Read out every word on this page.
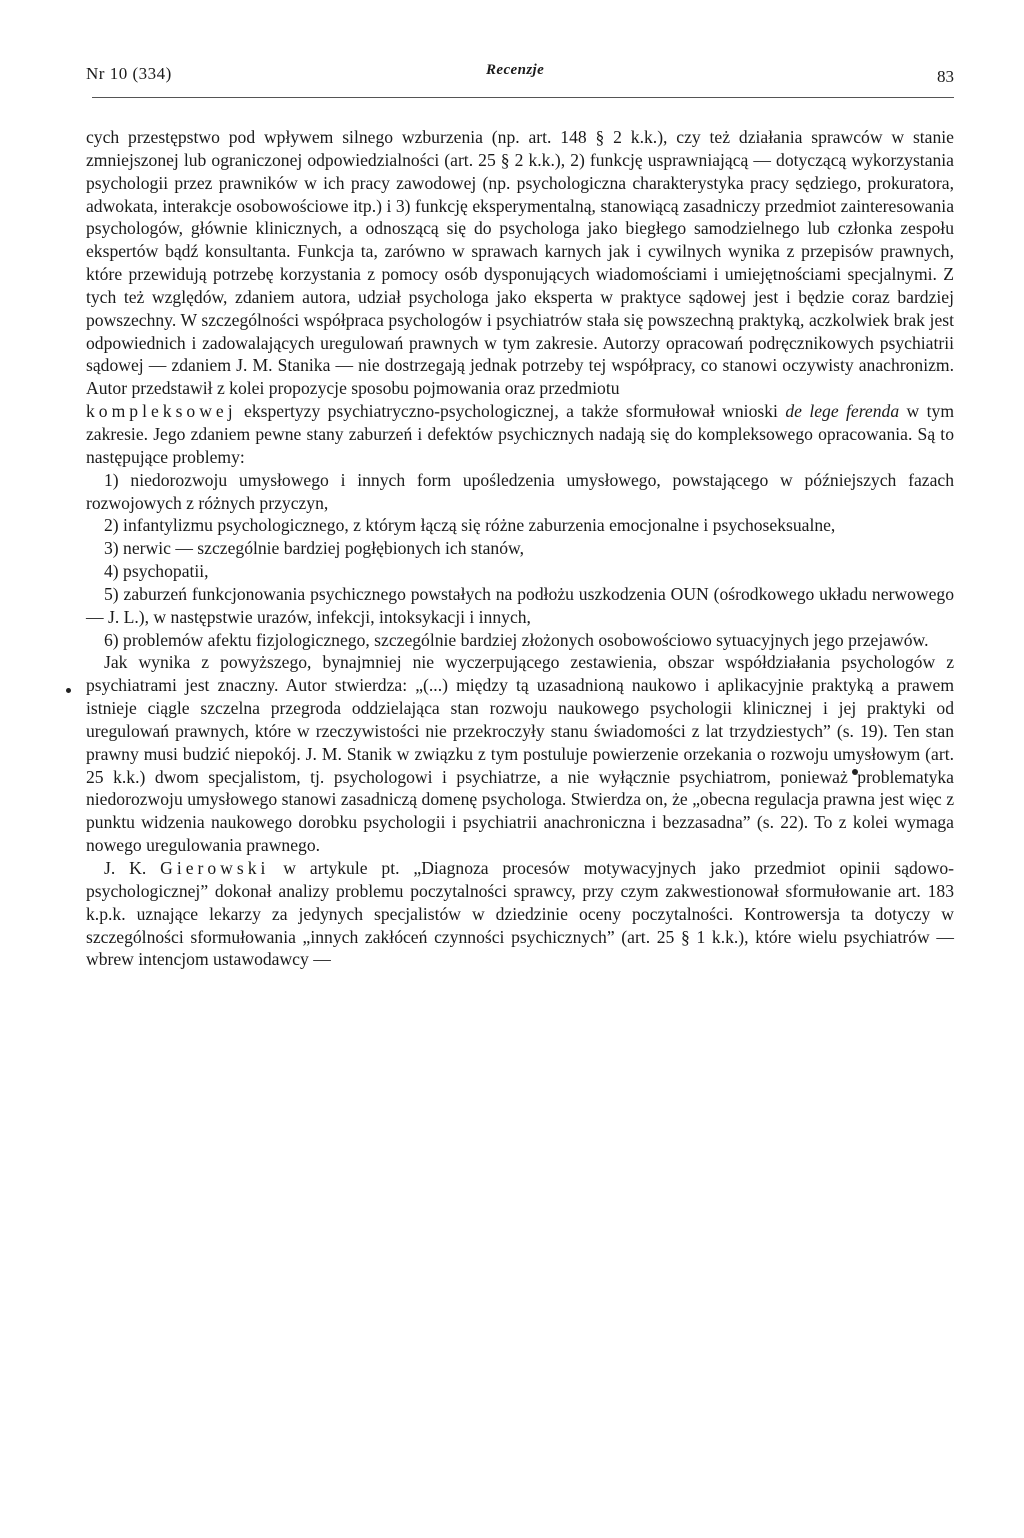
Nr 10 (334)	Recenzje	83

cych przestępstwo pod wpływem silnego wzburzenia (np. art. 148 § 2 k.k.), czy też działania sprawców w stanie zmniejszonej lub ograniczonej odpowiedzialności (art. 25 § 2 k.k.), 2) funkcję usprawniającą — dotyczącą wykorzystania psychologii przez prawników w ich pracy zawodowej (np. psychologiczna charakterystyka pracy sędziego, prokuratora, adwokata, interakcje osobowościowe itp.) i 3) funkcję eksperymentalną, stanowiącą zasadniczy przedmiot zainteresowania psychologów, głównie klinicznych, a odnoszącą się do psychologa jako biegłego samodzielnego lub członka zespołu ekspertów bądź konsultanta. Funkcja ta, zarówno w sprawach karnych jak i cywilnych wynika z przepisów prawnych, które przewidują potrzebę korzystania z pomocy osób dysponujących wiadomościami i umiejętnościami specjalnymi. Z tych też względów, zdaniem autora, udział psychologa jako eksperta w praktyce sądowej jest i będzie coraz bardziej powszechny. W szczególności współpraca psychologów i psychiatrów stała się powszechną praktyką, aczkolwiek brak jest odpowiednich i zadowalających uregulowań prawnych w tym zakresie. Autorzy opracowań podręcznikowych psychiatrii sądowej — zdaniem J. M. Stanika — nie dostrzegają jednak potrzeby tej współpracy, co stanowi oczywisty anachronizm. Autor przedstawił z kolei propozycje sposobu pojmowania oraz przedmiotu

kompleksowej ekspertyzy psychiatryczno-psychologicznej, a także sformułował wnioski de lege ferenda w tym zakresie. Jego zdaniem pewne stany zaburzeń i defektów psychicznych nadają się do kompleksowego opracowania. Są to następujące problemy:

1) niedorozwoju umysłowego i innych form upośledzenia umysłowego, powstającego w późniejszych fazach rozwojowych z różnych przyczyn,

2) infantylizmu psychologicznego, z którym łączą się różne zaburzenia emocjonalne i psychoseksualne,

3) nerwic — szczególnie bardziej pogłębionych ich stanów,

4) psychopatii,

5) zaburzeń funkcjonowania psychicznego powstałych na podłożu uszkodzenia OUN (ośrodkowego układu nerwowego — J. L.), w następstwie urazów, infekcji, intoksykacji i innych,

6) problemów afektu fizjologicznego, szczególnie bardziej złożonych osobowościowo sytuacyjnych jego przejawów.

Jak wynika z powyższego, bynajmniej nie wyczerpującego zestawienia, obszar współdziałania psychologów z psychiatrami jest znaczny. Autor stwierdza: „(...) między tą uzasadnioną naukowo i aplikacyjnie praktyką a prawem istnieje ciągle szczelna przegroda oddzielająca stan rozwoju naukowego psychologii klinicznej i jej praktyki od uregulowań prawnych, które w rzeczywistości nie przekroczyły stanu świadomości z lat trzydziestych” (s. 19). Ten stan prawny musi budzić niepokój. J. M. Stanik w związku z tym postuluje powierzenie orzekania o rozwoju umysłowym (art. 25 k.k.) dwom specjalistom, tj. psychologowi i psychiatrze, a nie wyłącznie psychiatrom, ponieważ problematyka niedorozwoju umysłowego stanowi zasadniczą domenę psychologa. Stwierdza on, że „obecna regulacja prawna jest więc z punktu widzenia naukowego dorobku psychologii i psychiatrii anachroniczna i bezzasadna” (s. 22). To z kolei wymaga nowego uregulowania prawnego.

J. K. Gierowski w artykule pt. „Diagnoza procesów motywacyjnych jako przedmiot opinii sądowo-psychologicznej” dokonał analizy problemu poczytalności sprawcy, przy czym zakwestionował sformułowanie art. 183 k.p.k. uznające lekarzy za jedynych specjalistów w dziedzinie oceny poczytalności. Kontrowersja ta dotyczy w szczególności sformułowania „innych zakłóceń czynności psychicznych” (art. 25 § 1 k.k.), które wielu psychiatrów — wbrew intencjom ustawodawcy —
